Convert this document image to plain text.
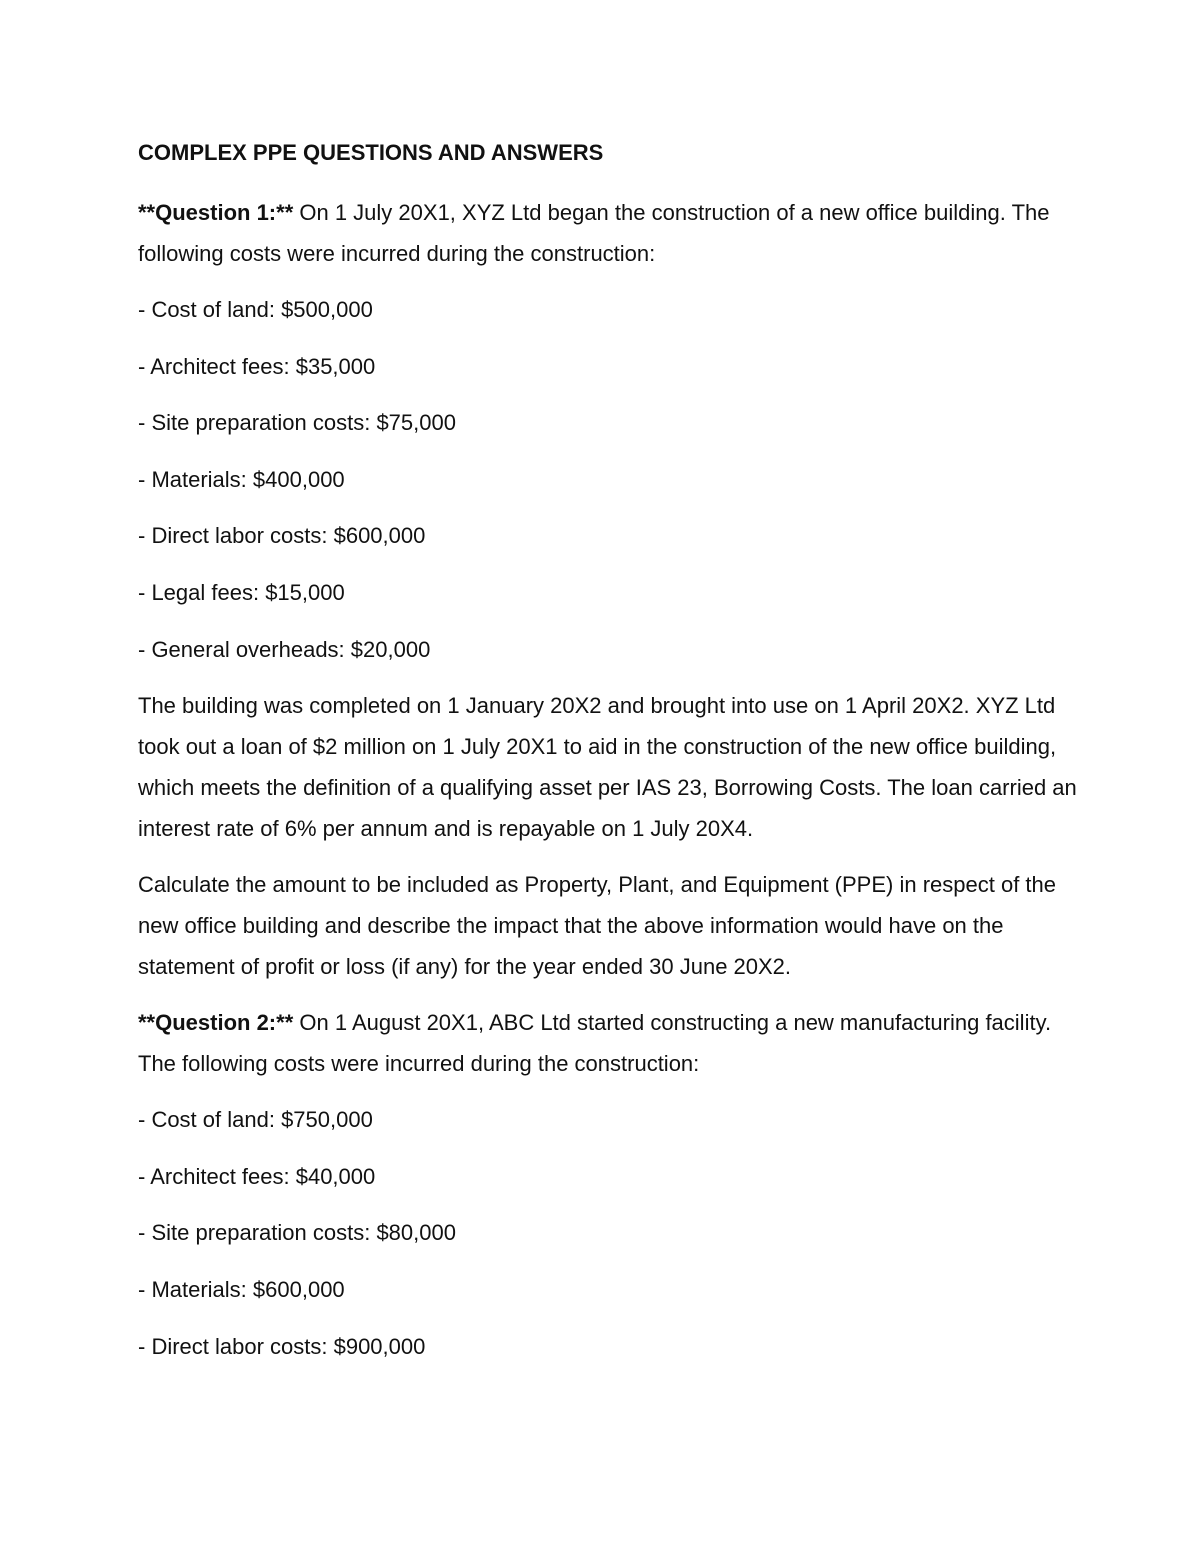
COMPLEX PPE QUESTIONS AND ANSWERS
**Question 1:** On 1 July 20X1, XYZ Ltd began the construction of a new office building. The following costs were incurred during the construction:
- Cost of land: $500,000
- Architect fees: $35,000
- Site preparation costs: $75,000
- Materials: $400,000
- Direct labor costs: $600,000
- Legal fees: $15,000
- General overheads: $20,000

The building was completed on 1 January 20X2 and brought into use on 1 April 20X2. XYZ Ltd took out a loan of $2 million on 1 July 20X1 to aid in the construction of the new office building, which meets the definition of a qualifying asset per IAS 23, Borrowing Costs. The loan carried an interest rate of 6% per annum and is repayable on 1 July 20X4.

Calculate the amount to be included as Property, Plant, and Equipment (PPE) in respect of the new office building and describe the impact that the above information would have on the statement of profit or loss (if any) for the year ended 30 June 20X2.

**Question 2:** On 1 August 20X1, ABC Ltd started constructing a new manufacturing facility. The following costs were incurred during the construction:
- Cost of land: $750,000
- Architect fees: $40,000
- Site preparation costs: $80,000
- Materials: $600,000
- Direct labor costs: $900,000
